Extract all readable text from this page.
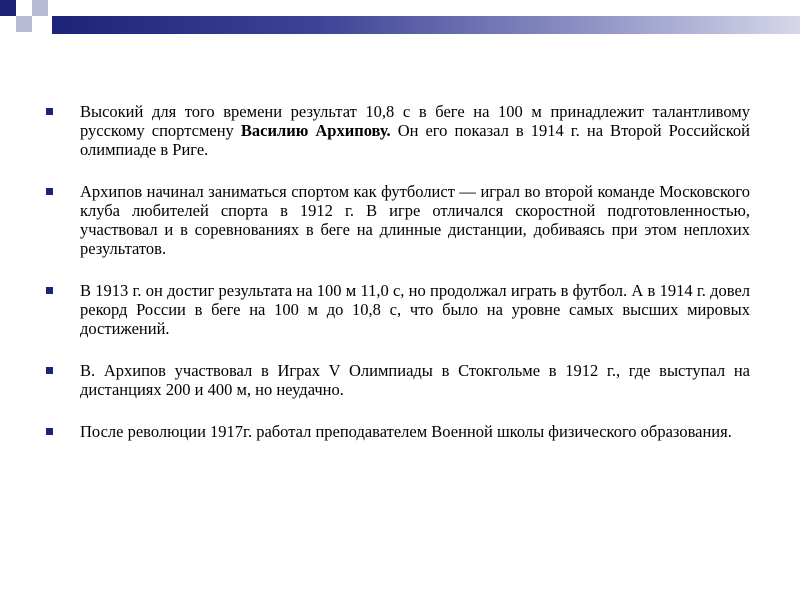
Высокий для того времени результат 10,8 с в беге на 100 м принадлежит талантливому русскому спортсмену Василию Архипову. Он его показал в 1914 г. на Второй Российской олимпиаде в Риге.
Архипов начинал заниматься спортом как футболист — играл во второй команде Московского клуба любителей спорта в 1912 г. В игре отличался скоростной подготовленностью, участвовал и в соревнованиях в беге на длинные дистанции, добиваясь при этом неплохих результатов.
В 1913 г. он достиг результата на 100 м 11,0 с, но продолжал играть в футбол. А в 1914 г. довел рекорд России в беге на 100 м до 10,8 с, что было на уровне самых высших мировых достижений.
В. Архипов участвовал в Играх V Олимпиады в Стокгольме в 1912 г., где выступал на дистанциях 200 и 400 м, но неудачно.
После революции 1917г. работал преподавателем Военной школы физического образования.
